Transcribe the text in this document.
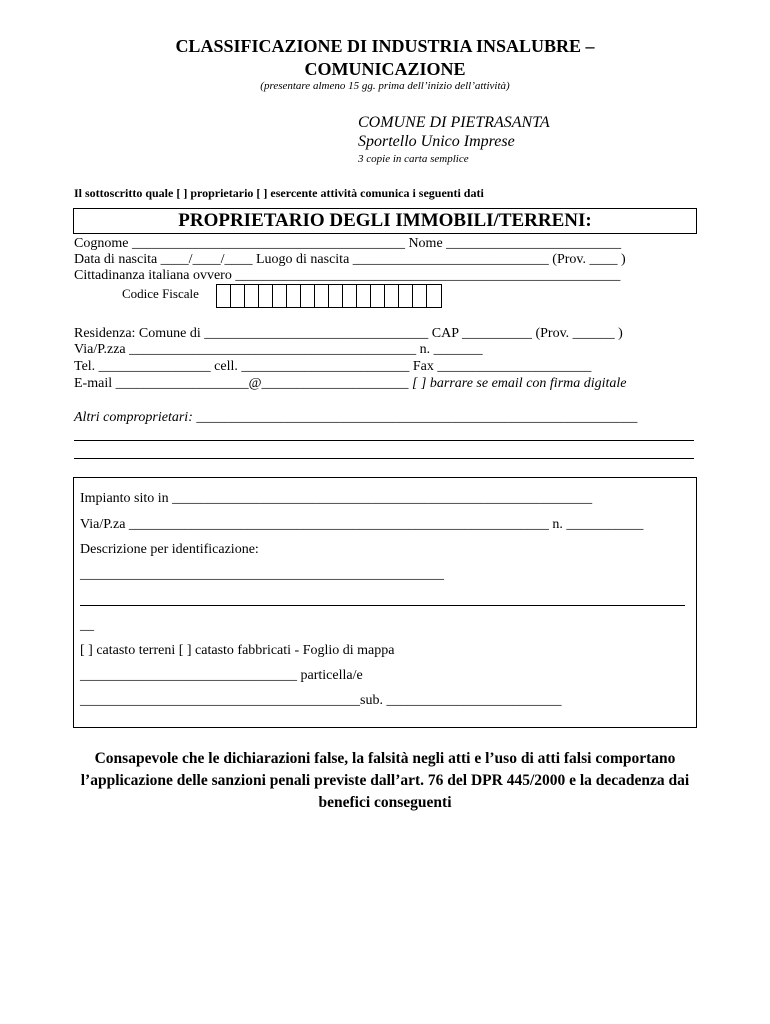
CLASSIFICAZIONE DI INDUSTRIA INSALUBRE –
COMUNICAZIONE
(presentare almeno 15 gg. prima dell’inizio dell’attività)
COMUNE DI PIETRASANTA
Sportello Unico Imprese
3 copie in carta semplice
Il sottoscritto quale [ ] proprietario [ ] esercente attività comunica i seguenti dati
PROPRIETARIO DEGLI IMMOBILI/TERRENI:
Cognome _______________________________________ Nome _________________________
Data di nascita ____/____/____ Luogo di nascita ____________________________ (Prov. ____ )
Cittadinanza italiana ovvero _______________________________________________________
Codice Fiscale
Residenza: Comune di ________________________________ CAP __________ (Prov. ______ )
Via/P.zza _________________________________________ n. _______
Tel. ________________ cell. ________________________ Fax ______________________
E-mail ___________________@_____________________ [ ] barrare se email con firma digitale
Altri comproprietari: _______________________________________________________________
Impianto sito in ____________________________________________________________
Via/P.za ____________________________________________________________ n. ___________
Descrizione per identificazione:
____________________________________________________
__
[ ] catasto terreni [ ] catasto fabbricati - Foglio di mappa
_______________________________ particella/e
________________________________________sub. _________________________
Consapevole che le dichiarazioni false, la falsità negli atti e l’uso di atti falsi comportano l’applicazione delle sanzioni penali previste dall’art. 76 del DPR 445/2000 e la decadenza dai benefici conseguenti
